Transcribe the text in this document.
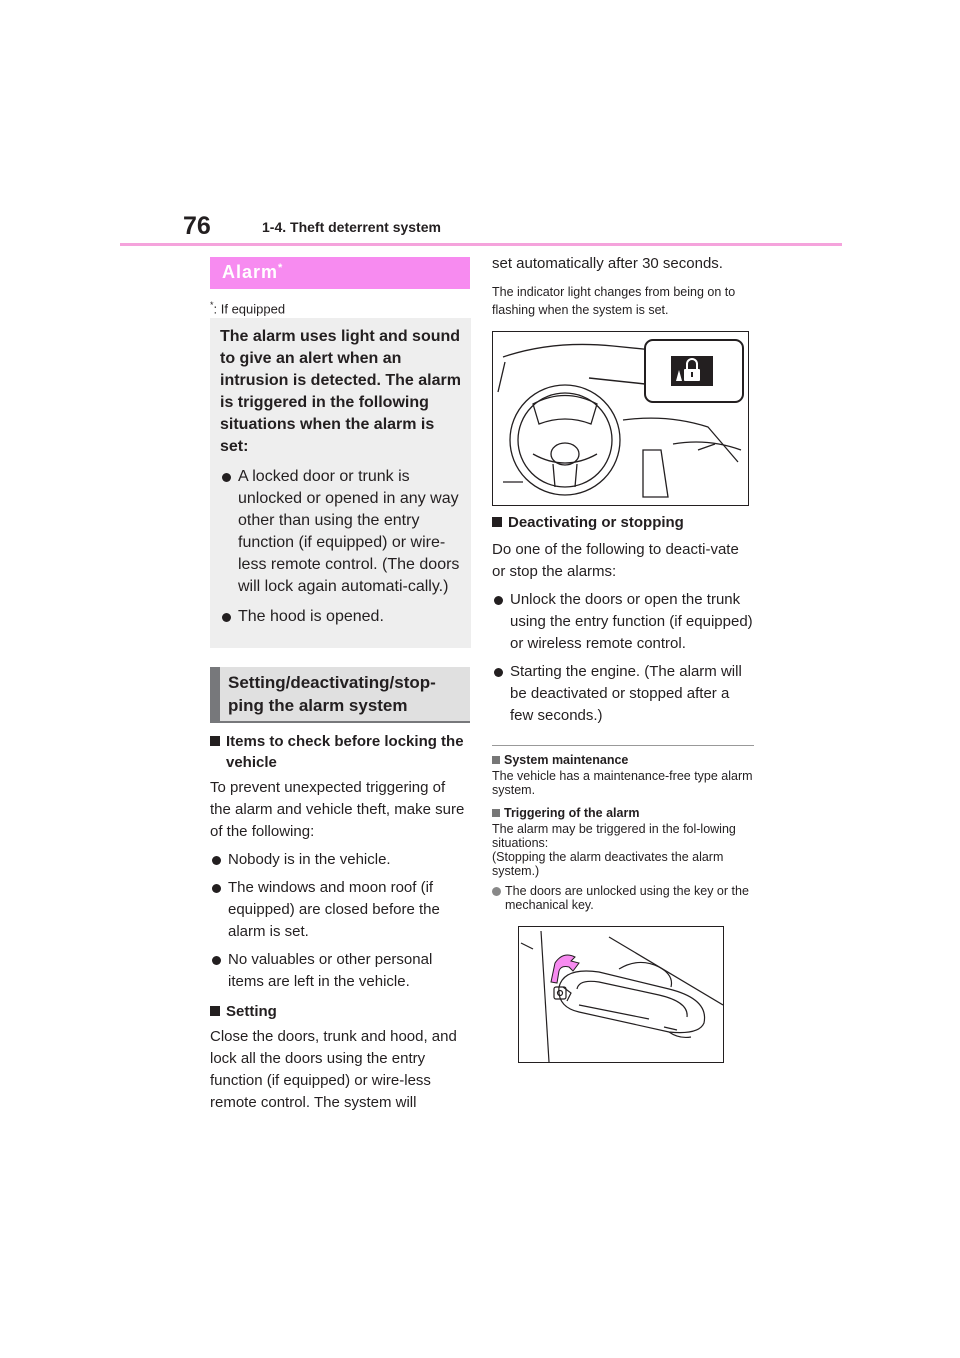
76	1-4. Theft deterrent system
Alarm*
*: If equipped

The alarm uses light and sound to give an alert when an intrusion is detected. The alarm is triggered in the following situations when the alarm is set:

A locked door or trunk is unlocked or opened in any way other than using the entry function (if equipped) or wire-less remote control. (The doors will lock again automati-cally.)
The hood is opened.
Setting/deactivating/stop-ping the alarm system
Items to check before locking the vehicle
To prevent unexpected triggering of the alarm and vehicle theft, make sure of the following:
Nobody is in the vehicle.
The windows and moon roof (if equipped) are closed before the alarm is set.
No valuables or other personal items are left in the vehicle.
Setting
Close the doors, trunk and hood, and lock all the doors using the entry function (if equipped) or wire-less remote control. The system will
set automatically after 30 seconds.
The indicator light changes from being on to flashing when the system is set.
Deactivating or stopping
Do one of the following to deacti-vate or stop the alarms:
Unlock the doors or open the trunk using the entry function (if equipped) or wireless remote control.
Starting the engine. (The alarm will be deactivated or stopped after a few seconds.)
System maintenance
The vehicle has a maintenance-free type alarm system.
Triggering of the alarm
The alarm may be triggered in the fol-lowing situations:
(Stopping the alarm deactivates the alarm system.)
The doors are unlocked using the key or the mechanical key.
